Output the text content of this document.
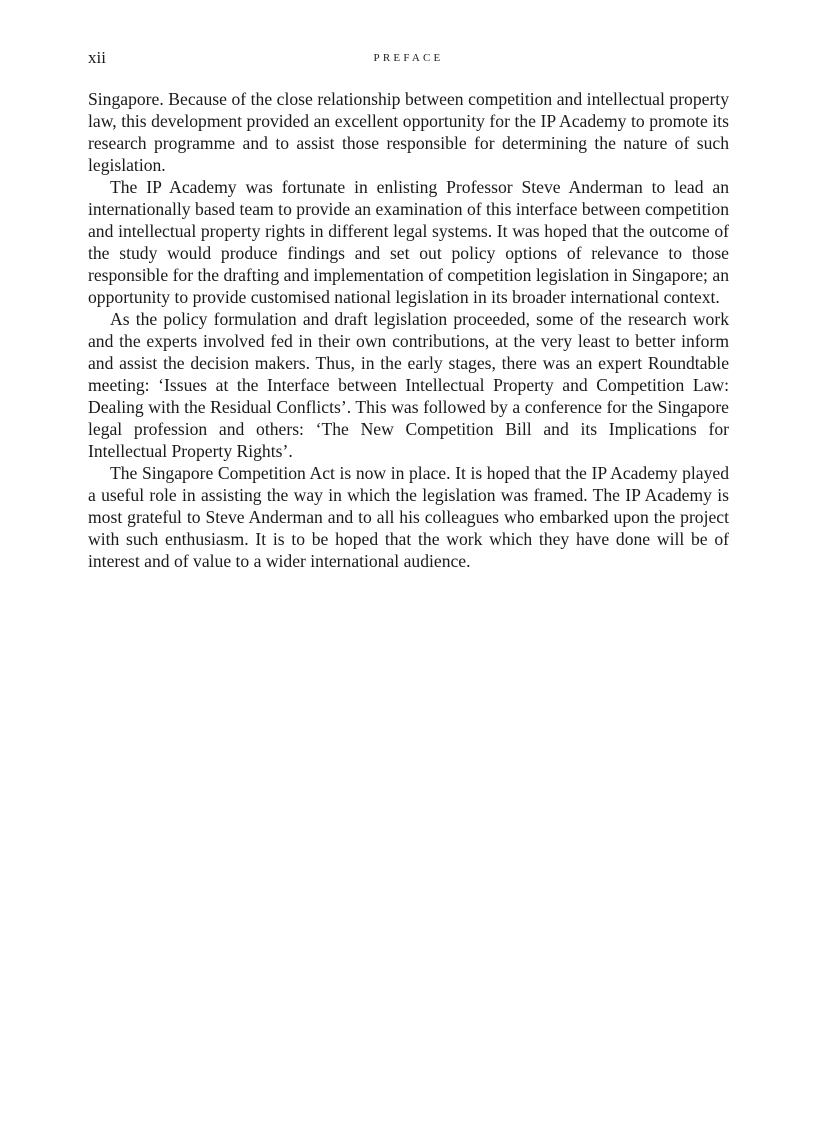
xii	PREFACE

Singapore. Because of the close relationship between competition and intellectual property law, this development provided an excellent opportunity for the IP Academy to promote its research programme and to assist those responsible for determining the nature of such legislation.

The IP Academy was fortunate in enlisting Professor Steve Anderman to lead an internationally based team to provide an examination of this interface between competition and intellectual property rights in different legal systems. It was hoped that the outcome of the study would produce findings and set out policy options of relevance to those responsible for the drafting and implementation of competition legislation in Singapore; an opportunity to provide customised national legislation in its broader international context.

As the policy formulation and draft legislation proceeded, some of the research work and the experts involved fed in their own contributions, at the very least to better inform and assist the decision makers. Thus, in the early stages, there was an expert Roundtable meeting: ‘Issues at the Interface between Intellectual Property and Competition Law: Dealing with the Residual Conflicts’. This was followed by a conference for the Singapore legal profession and others: ‘The New Competition Bill and its Implications for Intellectual Property Rights’.

The Singapore Competition Act is now in place. It is hoped that the IP Academy played a useful role in assisting the way in which the legislation was framed. The IP Academy is most grateful to Steve Anderman and to all his colleagues who embarked upon the project with such enthusiasm. It is to be hoped that the work which they have done will be of interest and of value to a wider international audience.
